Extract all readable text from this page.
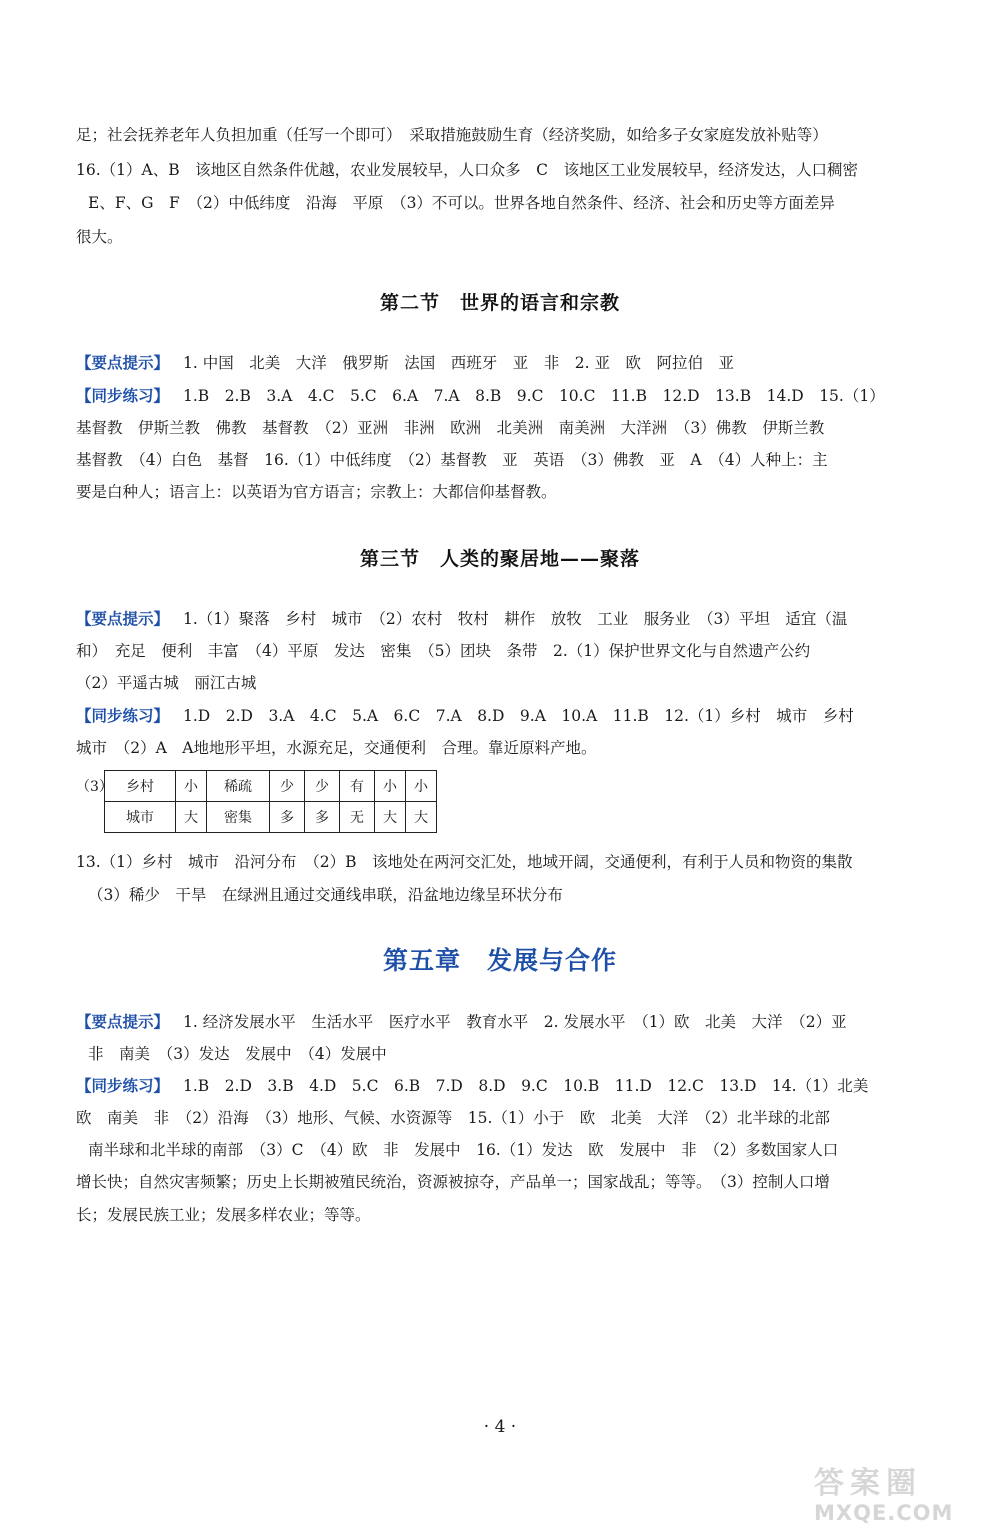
足；社会抚养老年人负担加重（任写一个即可）　采取措施鼓励生育（经济奖励，如给多子女家庭发放补贴等）
16.（1）A、B　该地区自然条件优越，农业发展较早，人口众多　C　该地区工业发展较早，经济发达，人口稠密
E、F、G　F　（2）中低纬度　沿海　平原　（3）不可以。世界各地自然条件、经济、社会和历史等方面差异
很大。
第二节　世界的语言和宗教
【要点提示】 1. 中国　北美　大洋　俄罗斯　法国　西班牙　亚　非　2. 亚　欧　阿拉伯　亚
【同步练习】 1.B　2.B　3.A　4.C　5.C　6.A　7.A　8.B　9.C　10.C　11.B　12.D　13.B　14.D　15.（1）
基督教　伊斯兰教　佛教　基督教　（2）亚洲　非洲　欧洲　北美洲　南美洲　大洋洲　（3）佛教　伊斯兰教
基督教　（4）白色　基督　16.（1）中低纬度　（2）基督教　亚　英语　（3）佛教　亚　A　（4）人种上：主
要是白种人；语言上：以英语为官方语言；宗教上：大都信仰基督教。
第三节　人类的聚居地——聚落
【要点提示】 1.（1）聚落　乡村　城市　（2）农村　牧村　耕作　放牧　工业　服务业　（3）平坦　适宜（温
和）　充足　便利　丰富　（4）平原　发达　密集　（5）团块　条带　2.（1）保护世界文化与自然遗产公约
（2）平遥古城　丽江古城
【同步练习】 1.D　2.D　3.A　4.C　5.A　6.C　7.A　8.D　9.A　10.A　11.B　12.（1）乡村　城市　乡村
城市　（2）A　A地地形平坦，水源充足，交通便利　合理。靠近原料产地。
（3） 乡村	小	稀疏	少	少	有	小	小
城市	大	密集	多	多	无	大	大
13.（1）乡村　城市　沿河分布　（2）B　该地处在两河交汇处，地域开阔，交通便利，有利于人员和物资的集散
（3）稀少　干旱　在绿洲且通过交通线串联，沿盆地边缘呈环状分布
第五章　发展与合作
【要点提示】 1. 经济发展水平　生活水平　医疗水平　教育水平　2. 发展水平　（1）欧　北美　大洋　（2）亚
非　南美　（3）发达　发展中　（4）发展中
【同步练习】 1.B　2.D　3.B　4.D　5.C　6.B　7.D　8.D　9.C　10.B　11.D　12.C　13.D　14.（1）北美
欧　南美　非　（2）沿海　（3）地形、气候、水资源等　15.（1）小于　欧　北美　大洋　（2）北半球的北部
南半球和北半球的南部　（3）C　（4）欧　非　发展中　16.（1）发达　欧　发展中　非　（2）多数国家人口
增长快；自然灾害频繁；历史上长期被殖民统治，资源被掠夺，产品单一；国家战乱；等等。　（3）控制人口增
长；发展民族工业；发展多样农业；等等。
· 4 ·
答案圈
MXQE.COM
